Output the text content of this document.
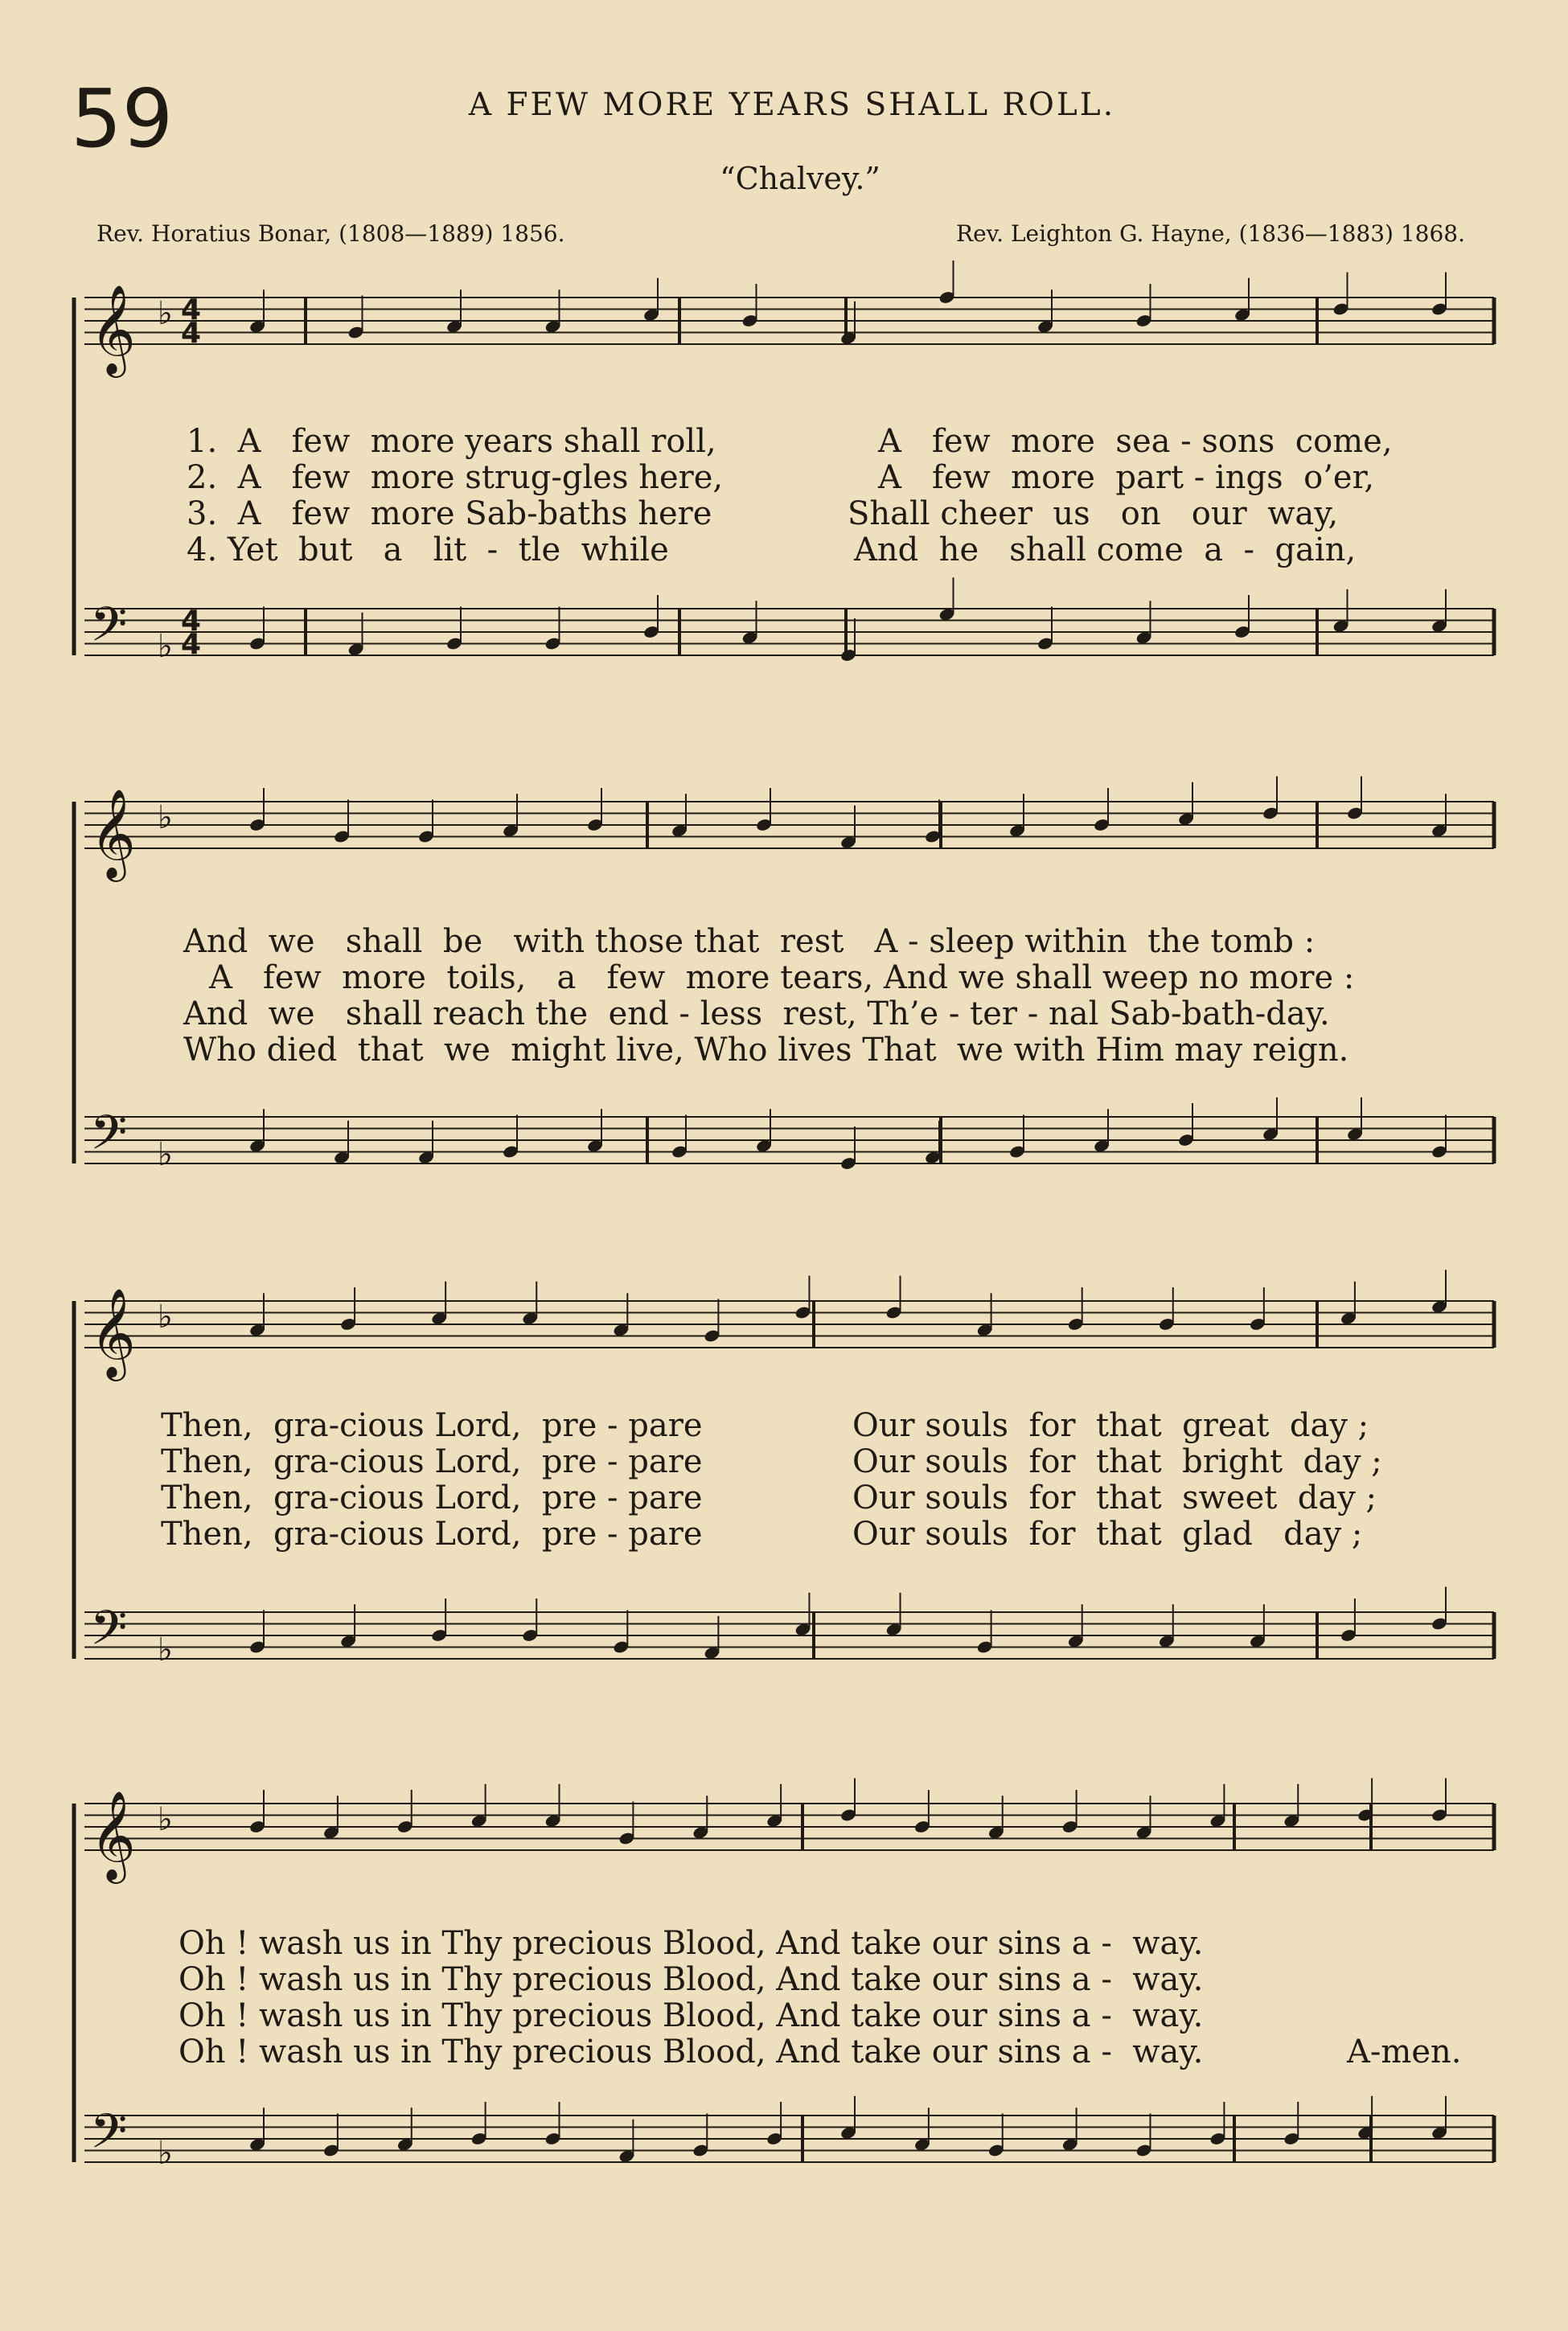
59	A FEW MORE YEARS SHALL ROLL.
“Chalvey.”
Rev. Horatius Bonar, (1808—1889) 1856.	Rev. Leighton G. Hayne, (1836—1883) 1868.
𝄞
𝄢
♭
♭
4
4
4
4
𝄞
𝄢
♭
♭
𝄞
𝄢
♭
♭
𝄞
𝄢
♭
♭
1.  A   few  more years shall roll,	A   few  more  sea - sons  come,
2.  A   few  more strug-gles here,	A   few  more  part - ings  o’er,
3.  A   few  more Sab-baths here	Shall cheer  us   on   our  way,
4. Yet  but   a   lit  -  tle  while	And  he   shall come  a  -  gain,
And  we   shall  be   with those that  rest   A - sleep within  the tomb :
A   few  more  toils,   a   few  more tears, And we shall weep no more :
And  we   shall reach the  end - less  rest, Th’e - ter - nal Sab-bath-day.
Who died  that  we  might live, Who lives That  we with Him may reign.
Then,  gra-cious Lord,  pre - pare	Our souls  for  that  great  day ;
Then,  gra-cious Lord,  pre - pare	Our souls  for  that  bright  day ;
Then,  gra-cious Lord,  pre - pare	Our souls  for  that  sweet  day ;
Then,  gra-cious Lord,  pre - pare	Our souls  for  that  glad   day ;
Oh ! wash us in Thy precious Blood, And take our sins a -  way.
Oh ! wash us in Thy precious Blood, And take our sins a -  way.
Oh ! wash us in Thy precious Blood, And take our sins a -  way.
Oh ! wash us in Thy precious Blood, And take our sins a -  way.	A-men.
